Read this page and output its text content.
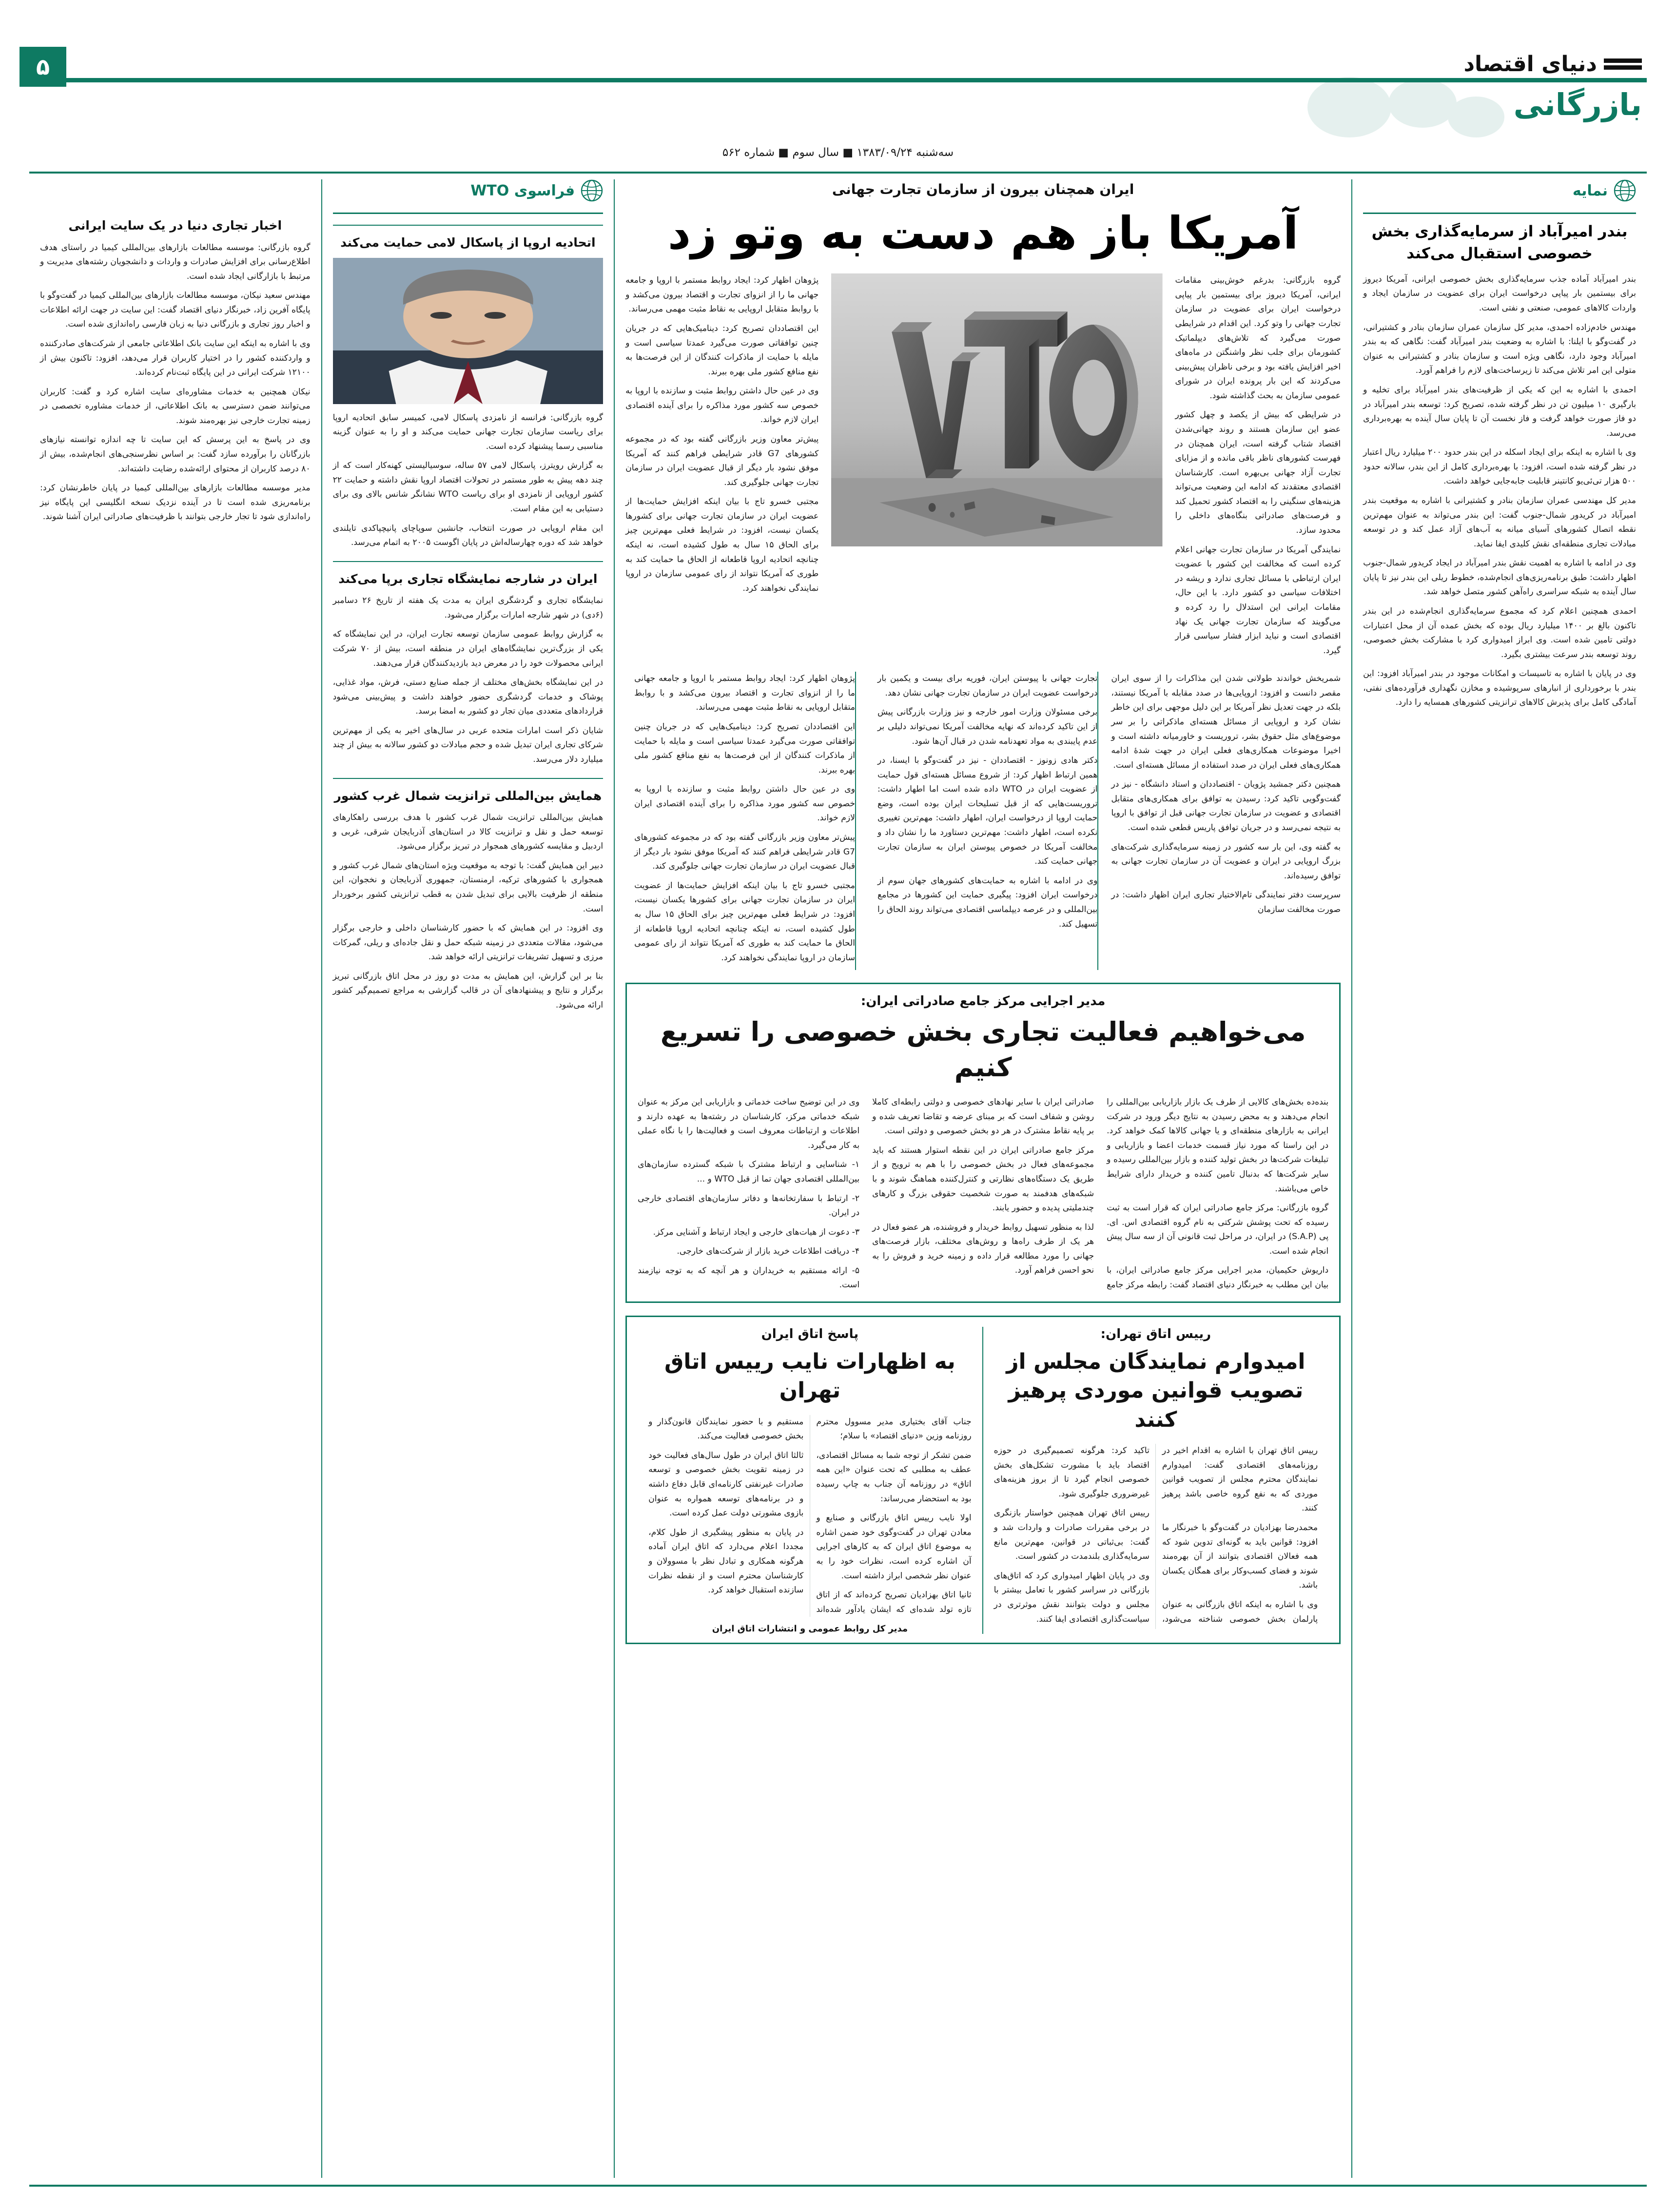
۵	دنیای اقتصاد
بازرگانی
سه‌شنبه ۱۳۸۳/۰۹/۲۴ ■ سال سوم ■ شماره ۵۶۲
نمایه
بندر امیرآباد از سرمایه‌گذاری بخش خصوصی استقبال می‌کند

بندر امیرآباد آماده جذب سرمایه‌گذاری بخش خصوصی ایرانی، آمریکا دیروز برای بیستمین بار پیاپی درخواست ایران برای عضویت در سازمان ایجاد و واردات کالاهای عمومی، صنعتی و نفتی است.

مهندس خادم‌زاده احمدی، مدیر کل سازمان عمران سازمان بنادر و کشتیرانی، در گفت‌وگو با ایلنا: با اشاره به وضعیت بندر امیرآباد گفت: نگاهی که به بندر امیرآباد وجود دارد، نگاهی ویژه است و سازمان بنادر و کشتیرانی به عنوان متولی این امر تلاش می‌کند تا زیرساخت‌های لازم را فراهم آورد.

احمدی با اشاره به این که یکی از ظرفیت‌های بندر امیرآباد برای تخلیه و بارگیری ۱۰ میلیون تن در نظر گرفته شده، تصریح کرد: توسعه بندر امیرآباد در دو فاز صورت خواهد گرفت و فاز نخست آن تا پایان سال آینده به بهره‌برداری می‌رسد.

وی با اشاره به اینکه برای ایجاد اسکله در این بندر حدود ۲۰۰ میلیارد ریال اعتبار در نظر گرفته شده است، افزود: با بهره‌برداری کامل از این بندر، سالانه حدود ۵۰۰ هزار تی‌ئی‌یو کانتینر قابلیت جابه‌جایی خواهد داشت.

مدیر کل مهندسی عمران سازمان بنادر و کشتیرانی با اشاره به موقعیت بندر امیرآباد در کریدور شمال-جنوب گفت: این بندر می‌تواند به عنوان مهم‌ترین نقطه اتصال کشورهای آسیای میانه به آب‌های آزاد عمل کند و در توسعه مبادلات تجاری منطقه‌ای نقش کلیدی ایفا نماید.

وی در ادامه با اشاره به اهمیت نقش بندر امیرآباد در ایجاد کریدور شمال-جنوب اظهار داشت: طبق برنامه‌ریزی‌های انجام‌شده، خطوط ریلی این بندر نیز تا پایان سال آینده به شبکه سراسری راه‌آهن کشور متصل خواهد شد.

احمدی همچنین اعلام کرد که مجموع سرمایه‌گذاری انجام‌شده در این بندر تاکنون بالغ بر ۱۴۰۰ میلیارد ریال بوده که بخش عمده آن از محل اعتبارات دولتی تامین شده است. وی ابراز امیدواری کرد با مشارکت بخش خصوصی، روند توسعه بندر سرعت بیشتری بگیرد.

وی در پایان با اشاره به تاسیسات و امکانات موجود در بندر امیرآباد افزود: این بندر با برخورداری از انبارهای سرپوشیده و مخازن نگهداری فرآورده‌های نفتی، آمادگی کامل برای پذیرش کالاهای ترانزیتی کشورهای همسایه را دارد.

ایران همچنان بیرون از سازمان تجارت جهانی
آمریکا باز هم دست به وتو زد

گروه بازرگانی: بدرغم خوش‌بینی مقامات ایرانی، آمریکا دیروز برای بیستمین بار پیاپی درخواست ایران برای عضویت در سازمان تجارت جهانی را وتو کرد. این اقدام در شرایطی صورت می‌گیرد که تلاش‌های دیپلماتیک کشورمان برای جلب نظر واشنگتن در ماه‌های اخیر افزایش یافته بود و برخی ناظران پیش‌بینی می‌کردند که این بار پرونده ایران در شورای عمومی سازمان به بحث گذاشته شود.

در شرایطی که بیش از یکصد و چهل کشور عضو این سازمان هستند و روند جهانی‌شدن اقتصاد شتاب گرفته است، ایران همچنان در فهرست کشورهای ناظر باقی مانده و از مزایای تجارت آزاد جهانی بی‌بهره است. کارشناسان اقتصادی معتقدند که ادامه این وضعیت می‌تواند هزینه‌های سنگینی را به اقتصاد کشور تحمیل کند و فرصت‌های صادراتی بنگاه‌های داخلی را محدود سازد.

نمایندگی آمریکا در سازمان تجارت جهانی اعلام کرده است که مخالفت این کشور با عضویت ایران ارتباطی با مسائل تجاری ندارد و ریشه در اختلافات سیاسی دو کشور دارد. با این حال، مقامات ایرانی این استدلال را رد کرده و می‌گویند که سازمان تجارت جهانی یک نهاد اقتصادی است و نباید ابزار فشار سیاسی قرار گیرد.

پژوهان اظهار کرد: ایجاد روابط مستمر با اروپا و جامعه جهانی ما را از انزوای تجارت و اقتصاد بیرون می‌کشد و با روابط متقابل اروپایی به نقاط مثبت مهمی می‌رساند.

این اقتصاددان تصریح کرد: دینامیک‌هایی که در جریان چنین توافقاتی صورت می‌گیرد عمدتا سیاسی است و مایله با حمایت از ماذکرات کنندگان از این فرصت‌ها به نفع منافع کشور ملی بهره ببرند.

وی در عین حال داشتن روابط مثبت و سازنده با اروپا به خصوص سه کشور مورد مذاکره را برای آینده اقتصادی ایران لازم خواند.

پیش‌تر معاون وزیر بازرگانی گفته بود که در مجموعه کشورهای G7 قادر شرایطی فراهم کنند که آمریکا موفق نشود بار دیگر از قبال عضویت ایران در سازمان تجارت جهانی جلوگیری کند.

مجتبی خسرو تاج با بیان اینکه افزایش حمایت‌ها از عضویت ایران در سازمان تجارت جهانی برای کشورها یکسان نیست، افزود: در شرایط فعلی مهم‌ترین چیز برای الحاق ۱۵ سال به طول کشیده است، نه اینکه چنانچه اتحادیه اروپا قاطعانه از الحاق ما حمایت کند به طوری که آمریکا نتواند از رای عمومی سازمان در اروپا نمایندگی نخواهند کرد.

شمریخش خواندند طولانی شدن این مذاکرات را از سوی ایران مقصر دانست و افزود: اروپایی‌ها در صدد مقابله با آمریکا نیستند، بلکه در جهت تعدیل نظر آمریکا بر این دلیل موجهی برای این خاطر نشان کرد و اروپایی از مسائل هسته‌ای ماذکراتی را بر سر موضوع‌های مثل حقوق بشر، تروریست و خاورمیانه داشته است و اخیرا موضوعات همکاری‌های فعلی ایران در جهت شدهٔ ادامه همکاری‌های فعلی ایران در صدد استفاده از مسائل هسته‌ای است.

همچنین دکتر جمشید پژویان - اقتصاددان و استاد دانشگاه - نیز در گفت‌وگویی تاکید کرد: رسیدن به توافق برای همکاری‌های متقابل اقتصادی و عضویت در سازمان تجارت جهانی قبل از توافق با اروپا به نتیجه نمی‌رسد و در جریان توافق پاریس قطعی شده است.

به گفته وی، این بار سه کشور در زمینه سرمایه‌گذاری شرکت‌های بزرگ اروپایی در ایران و عضویت آن در سازمان تجارت جهانی به توافق رسیده‌اند.

سرپرست دفتر نمایندگی تام‌الاختیار تجاری ایران اظهار داشت: در صورت مخالفت سازمان

تجارت جهانی با پیوستن ایران، فوریه برای بیست و یکمین بار درخواست عضویت ایران در سازمان تجارت جهانی نشان دهد.

برخی مسئولان وزارت امور خارجه و نیز وزارت بازرگانی پیش از این تاکید کرده‌اند که نهایه مخالفت آمریکا نمی‌تواند دلیلی بر عدم پایبندی به مواد تعهدنامه شدن در قبال آن‌ها شود.

دکتر هادی زونوز - اقتصاددان - نیز در گفت‌وگو با ایسنا، در همین ارتباط اظهار کرد: از شروع مسائل هسته‌ای قول حمایت از عضویت ایران در WTO داده شده است اما اطهار داشت: تروریست‌هایی که از قبل تسلیحات ایران بوده است، وضع حمایت اروپا از درخواست ایران، اطهار داشت: مهم‌ترین تغییری نکرده است، اطهار داشت: مهم‌ترین دستاورد ما را نشان داد و مخالفت آمریکا در خصوص پیوستن ایران به سازمان تجارت جهانی حمایت کند.

وی در ادامه با اشاره به حمایت‌های کشورهای جهان سوم از درخواست ایران افزود: پیگیری حمایت این کشورها در مجامع بین‌المللی و در عرصه دیپلماسی اقتصادی می‌تواند روند الحاق را تسهیل کند.

پژوهان اظهار کرد: ایجاد روابط مستمر با اروپا و جامعه جهانی ما را از انزوای تجارت و اقتصاد بیرون می‌کشد و با روابط متقابل اروپایی به نقاط مثبت مهمی می‌رساند.

این اقتصاددان تصریح کرد: دینامیک‌هایی که در جریان چنین توافقاتی صورت می‌گیرد عمدتا سیاسی است و مایله با حمایت از ماذکرات کنندگان از این فرصت‌ها به نفع منافع کشور ملی بهره ببرند.

وی در عین حال داشتن روابط مثبت و سازنده با اروپا به خصوص سه کشور مورد مذاکره را برای آینده اقتصادی ایران لازم خواند.

پیش‌تر معاون وزیر بازرگانی گفته بود که در مجموعه کشورهای G7 قادر شرایطی فراهم کنند که آمریکا موفق نشود بار دیگر از قبال عضویت ایران در سازمان تجارت جهانی جلوگیری کند.

مجتبی خسرو تاج با بیان اینکه افزایش حمایت‌ها از عضویت ایران در سازمان تجارت جهانی برای کشورها یکسان نیست، افزود: در شرایط فعلی مهم‌ترین چیز برای الحاق ۱۵ سال به طول کشیده است، نه اینکه چنانچه اتحادیه اروپا قاطعانه از الحاق ما حمایت کند به طوری که آمریکا نتواند از رای عمومی سازمان در اروپا نمایندگی نخواهند کرد.

مدیر اجرایی مرکز جامع صادراتی ایران:
می‌خواهیم فعالیت تجاری بخش خصوصی را تسریع کنیم

بنده‌ده بخش‌های کالایی از طرف یک بازار بازاریابی بین‌المللی را انجام می‌دهند و به محض رسیدن به نتایج دیگر ورود در شرکت ایرانی به بازارهای منطقه‌ای و یا جهانی کالاها کمک خواهد کرد. در این راستا که مورد نیاز قسمت خدمات اعضا و بازاریابی و تبلیغات شرکت‌ها در بخش تولید کننده و بازار بین‌المللی رسیده و سایر شرکت‌ها که بدنبال تامین کننده و خریدار دارای شرایط خاص می‌باشند.

گروه بازرگانی: مرکز جامع صادراتی ایران که قرار است به ثبت رسیده که تحت پوشش شرکتی به نام گروه اقتصادی اس. ای. پی (S.A.P) در ایران، در مراحل ثبت قانونی آن از سه سال پیش انجام شده است.

داریوش حکیمیان، مدیر اجرایی مرکز جامع صادراتی ایران، با بیان این مطلب به خبرنگار دنیای اقتصاد گفت: رابطه مرکز جامع صادراتی ایران با سایر نهادهای خصوصی و دولتی رابطه‌ای کاملا روشن و شفاف است که بر مبنای عرضه و تقاضا تعریف شده و بر پایه نقاط مشترک در هر دو بخش خصوصی و دولتی است.

مرکز جامع صادراتی ایران در این نقطه استوار هستند که باید مجموعه‌های فعال در بخش خصوصی را با هم به ترویج و از طریق یک دستگاه‌های نظارتی و کنترل‌کننده هماهنگ شوند و با شبکه‌های هدفمند به صورت شخصیت حقوقی بزرگ و کارهای چندملیتی پدیده و حضور یابند.

لذا به منظور تسهیل روابط خریدار و فروشنده، هر عضو فعال در هر یک از طرف راه‌ها و روش‌های مختلف، بازار فرصت‌های جهانی را مورد مطالعه قرار داده و زمینه خرید و فروش را به نحو احسن فراهم آورد.

وی در این توضیح ساخت خدماتی و بازاریابی این مرکز به عنوان شبکه خدماتی مرکز، کارشناسان در رشته‌ها به عهده دارند و اطلاعات و ارتباطات معروف است و فعالیت‌ها را با نگاه عملی به کار می‌گیرد.

۱- شناسایی و ارتباط مشترک با شبکه گسترده سازمان‌های بین‌المللی اقتصادی جهان تما از قبل WTO و ...

۲- ارتباط با سفارتخانه‌ها و دفاتر سازمان‌های اقتصادی خارجی در ایران.

۳- دعوت از هیات‌های خارجی و ایجاد ارتباط و آشنایی مرکز.

۴- دریافت اطلاعات خرید بازار از شرکت‌های خارجی.

۵- ارائه مستقیم به خریداران و هر آنچه که به توجه نیازمند است.

رییس اتاق تهران:
امیدوارم نمایندگان مجلس از تصویب قوانین موردی پرهیز کنند

رییس اتاق تهران با اشاره به اقدام اخیر در روزنامه‌های اقتصادی گفت: امیدوارم نمایندگان محترم مجلس از تصویب قوانین موردی که به نفع گروه خاصی باشد پرهیز کنند.

محمدرضا بهزادیان در گفت‌وگو با خبرنگار ما افزود: قوانین باید به گونه‌ای تدوین شود که همه فعالان اقتصادی بتوانند از آن بهره‌مند شوند و فضای کسب‌وکار برای همگان یکسان باشد.

وی با اشاره به اینکه اتاق بازرگانی به عنوان پارلمان بخش خصوصی شناخته می‌شود، تاکید کرد: هرگونه تصمیم‌گیری در حوزه اقتصاد باید با مشورت تشکل‌های بخش خصوصی انجام گیرد تا از بروز هزینه‌های غیرضروری جلوگیری شود.

رییس اتاق تهران همچنین خواستار بازنگری در برخی مقررات صادرات و واردات شد و گفت: بی‌ثباتی در قوانین، مهم‌ترین مانع سرمایه‌گذاری بلندمدت در کشور است.

وی در پایان اظهار امیدواری کرد که اتاق‌های بازرگانی در سراسر کشور با تعامل بیشتر با مجلس و دولت بتوانند نقش موثرتری در سیاست‌گذاری اقتصادی ایفا کنند.

پاسخ اتاق ایران
به اظهارات نایب رییس اتاق تهران

جناب آقای بختیاری مدیر مسوول محترم روزنامه وزین «دنیای اقتصاد» با سلام؛

ضمن تشکر از توجه شما به مسائل اقتصادی، عطف به مطلبی که تحت عنوان «این همه اتاق» در روزنامه آن جناب به چاپ رسیده بود به استحضار می‌رساند:

اولا نایب رییس اتاق بازرگانی و صنایع و معادن تهران در گفت‌وگوی خود ضمن اشاره به موضوع اتاق ایران که به کارهای اجرایی آن اشاره کرده است، نظرات خود را به عنوان نظر شخصی ابراز داشته است.

ثانیا اتاق بهزادیان تصریح کرده‌اند که از اتاق تازه تولد شده‌ای که ایشان یادآور شده‌اند مستقیم و با حضور نمایندگان قانون‌گذار و بخش خصوصی فعالیت می‌کند.

ثالثا اتاق ایران در طول سال‌های فعالیت خود در زمینه تقویت بخش خصوصی و توسعه صادرات غیرنفتی کارنامه‌ای قابل دفاع داشته و در برنامه‌های توسعه همواره به عنوان بازوی مشورتی دولت عمل کرده است.

در پایان به منظور پیشگیری از طول کلام، مجددا اعلام می‌دارد که اتاق ایران آماده هرگونه همکاری و تبادل نظر با مسوولان و کارشناسان محترم است و از نقطه نظرات سازنده استقبال خواهد کرد.

مدیر کل روابط عمومی و انتشارات اتاق ایران
فراسوی WTO
اتحادیه اروپا از پاسکال لامی حمایت می‌کند

گروه بازرگانی: فرانسه از نامزدی پاسکال لامی، کمیسر سابق اتحادیه اروپا برای ریاست سازمان تجارت جهانی حمایت می‌کند و او را به عنوان گزینه مناسبی رسما پیشنهاد کرده است.

به گزارش رویترز، پاسکال لامی ۵۷ ساله، سوسیالیستی کهنه‌کار است که از چند دهه پیش به طور مستمر در تحولات اقتصاد اروپا نقش داشته و حمایت ۲۲ کشور اروپایی از نامزدی او برای ریاست WTO نشانگر شانس بالای وی برای دستیابی به این مقام است.

این مقام اروپایی در صورت انتخاب، جانشین سوپاچای پانیچپاکدی تایلندی خواهد شد که دوره چهارساله‌اش در پایان اگوست ۲۰۰۵ به اتمام می‌رسد.

ایران در شارجه نمایشگاه تجاری برپا می‌کند

نمایشگاه تجاری و گردشگری ایران به مدت یک هفته از تاریخ ۲۶ دسامبر (۶دی) در شهر شارجه امارات برگزار می‌شود.

به گزارش روابط عمومی سازمان توسعه تجارت ایران، در این نمایشگاه که یکی از بزرگ‌ترین نمایشگاه‌های ایران در منطقه است، بیش از ۷۰ شرکت ایرانی محصولات خود را در معرض دید بازدیدکنندگان قرار می‌دهند.

در این نمایشگاه بخش‌های مختلف از جمله صنایع دستی، فرش، مواد غذایی، پوشاک و خدمات گردشگری حضور خواهند داشت و پیش‌بینی می‌شود قراردادهای متعددی میان تجار دو کشور به امضا برسد.

شایان ذکر است امارات متحده عربی در سال‌های اخیر به یکی از مهم‌ترین شرکای تجاری ایران تبدیل شده و حجم مبادلات دو کشور سالانه به بیش از چند میلیارد دلار می‌رسد.

همایش بین‌المللی ترانزیت شمال غرب کشور

همایش بین‌المللی ترانزیت شمال غرب کشور با هدف بررسی راهکارهای توسعه حمل و نقل و ترانزیت کالا در استان‌های آذربایجان شرقی، غربی و اردبیل و مقایسه کشورهای همجوار در تبریز برگزار می‌شود.

دبیر این همایش گفت: با توجه به موقعیت ویژه استان‌های شمال غرب کشور و همجواری با کشورهای ترکیه، ارمنستان، جمهوری آذربایجان و نخجوان، این منطقه از ظرفیت بالایی برای تبدیل شدن به قطب ترانزیتی کشور برخوردار است.

وی افزود: در این همایش که با حضور کارشناسان داخلی و خارجی برگزار می‌شود، مقالات متعددی در زمینه شبکه حمل و نقل جاده‌ای و ریلی، گمرکات مرزی و تسهیل تشریفات ترانزیتی ارائه خواهد شد.

بنا بر این گزارش، این همایش به مدت دو روز در محل اتاق بازرگانی تبریز برگزار و نتایج و پیشنهادهای آن در قالب گزارشی به مراجع تصمیم‌گیر کشور ارائه می‌شود.

اخبار تجاری دنیا در یک سایت ایرانی

گروه بازرگانی: موسسه مطالعات بازارهای بین‌المللی کیمیا در راستای هدف اطلاع‌رسانی برای افزایش صادرات و واردات و دانشجویان رشته‌های مدیریت و مرتبط با بازارگانی ایجاد شده است.

مهندس سعید نیکان، موسسه مطالعات بازارهای بین‌المللی کیمیا در گفت‌وگو با پایگاه آفرین زاد، خبرنگار دنیای اقتصاد گفت: این سایت در جهت ارائه اطلاعات و اخبار روز تجاری و بازرگانی دنیا به زبان فارسی راه‌اندازی شده است.

وی با اشاره به اینکه این سایت بانک اطلاعاتی جامعی از شرکت‌های صادرکننده و واردکننده کشور را در اختیار کاربران قرار می‌دهد، افزود: تاکنون بیش از ۱۲۱۰۰ شرکت ایرانی در این پایگاه ثبت‌نام کرده‌اند.

نیکان همچنین به خدمات مشاوره‌ای سایت اشاره کرد و گفت: کاربران می‌توانند ضمن دسترسی به بانک اطلاعاتی، از خدمات مشاوره تخصصی در زمینه تجارت خارجی نیز بهره‌مند شوند.

وی در پاسخ به این پرسش که این سایت تا چه اندازه توانسته نیازهای بازرگانان را برآورده سازد گفت: بر اساس نظرسنجی‌های انجام‌شده، بیش از ۸۰ درصد کاربران از محتوای ارائه‌شده رضایت داشته‌اند.

مدیر موسسه مطالعات بازارهای بین‌المللی کیمیا در پایان خاطرنشان کرد: برنامه‌ریزی شده است تا در آینده نزدیک نسخه انگلیسی این پایگاه نیز راه‌اندازی شود تا تجار خارجی بتوانند با ظرفیت‌های صادراتی ایران آشنا شوند.
